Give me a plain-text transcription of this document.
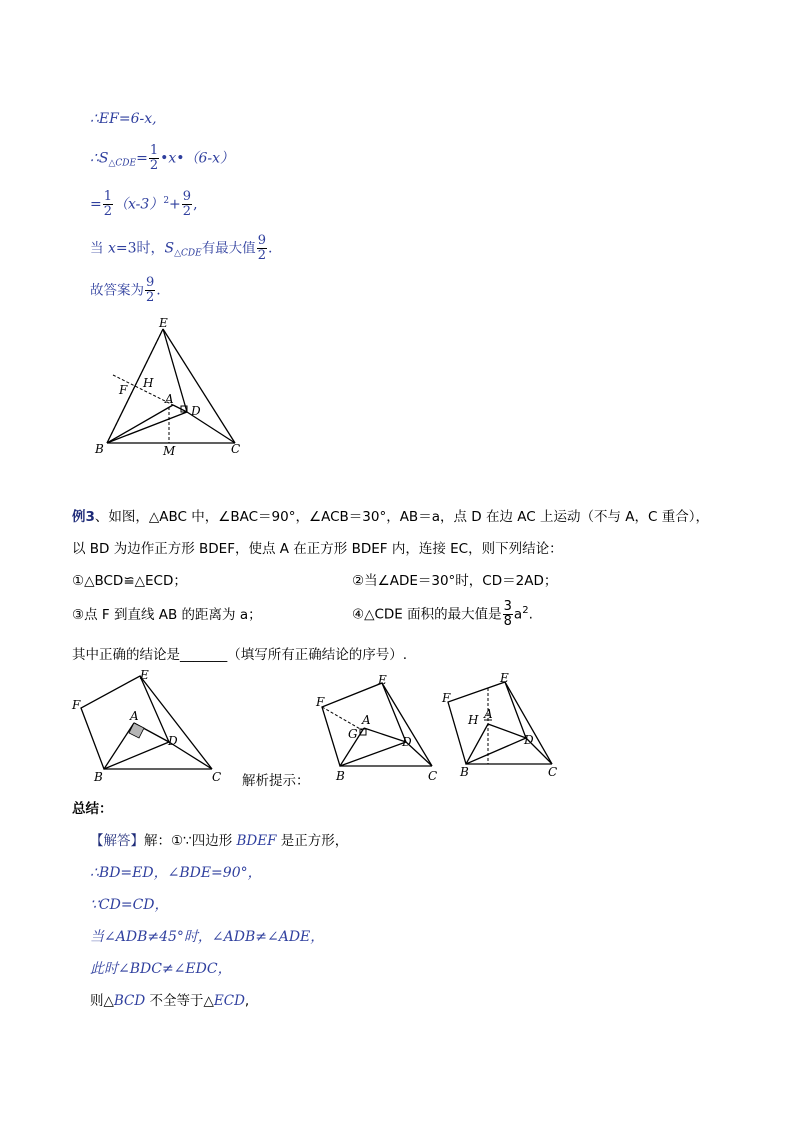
∴EF=6-x,
$\therefore S_{\triangle CDE}= \frac{1}{2}$ •x•（6-x）
= $\frac{1}{2} (x-3)^2+ \frac{9}{2}$ ,
当 x=3时，$S_{\triangle CDE}$有最大值 $\frac{9}{2}$ .
故答案为 $\frac{9}{2}$ .
E
F H
A
D
B	M	C
例3、如图，△ABC 中，∠BAC＝90°，∠ACB＝30°，AB＝a，点 D 在边 AC 上运动（不与 A，C 重合），
以 BD 为边作正方形 BDEF，使点 A 在正方形 BDEF 内，连接 EC，则下列结论：
①△BCD≌△ECD；	②当∠ADE＝30°时，CD＝2AD；
③点 F 到直线 AB 的距离为 a；	④△CDE 面积的最大值是 $\frac{3}{8} a^2$.
其中正确的结论是_______（填写所有正确结论的序号）.
F
E
A
D
B	C 解析提示：
F
E
G
A
D
B	C
F
E
H A
D
B	C
总结：
【解答】解：①∵四边形 BDEF 是正方形，
∴BD=ED，∠BDE=90°，
∵CD=CD，
当∠ADB≠45°时，∠ADB≠∠ADE，
此时∠BDC≠∠EDC，
则△BCD 不全等于△ECD,
